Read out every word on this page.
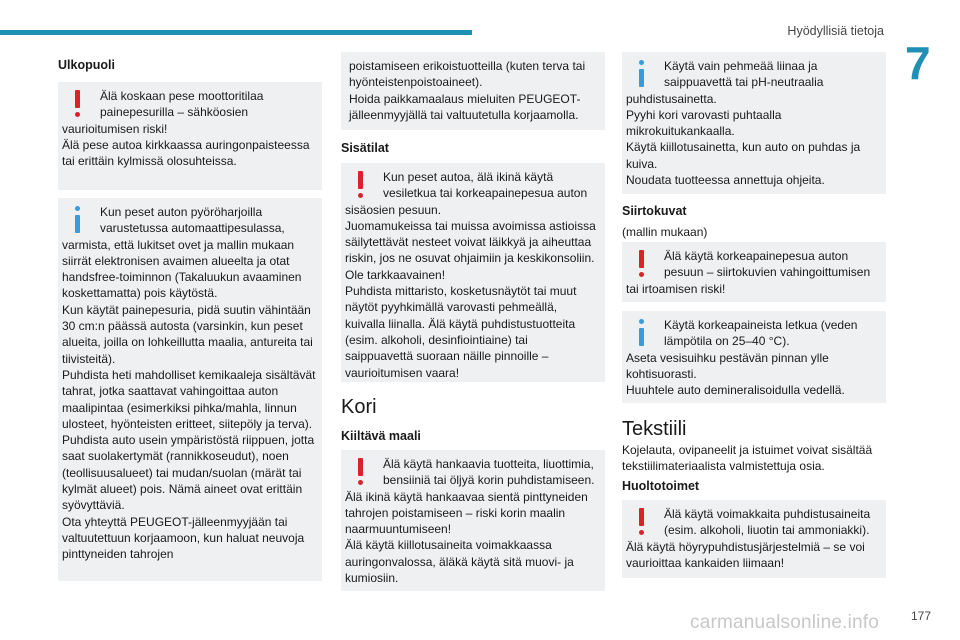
Hyödyllisiä tietoja
7
Ulkopuoli
Älä koskaan pese moottoritilaa painepesurilla – sähköosien vaurioitumisen riski!
Älä pese autoa kirkkaassa auringonpaisteessa tai erittäin kylmissä olosuhteissa.
Kun peset auton pyöröharjoilla varustetussa automaattipesulassa, varmista, että lukitset ovet ja mallin mukaan siirrät elektronisen avaimen alueelta ja otat handsfree-toiminnon (Takaluukun avaaminen koskettamatta) pois käytöstä.
Kun käytät painepesuria, pidä suutin vähintään 30 cm:n päässä autosta (varsinkin, kun peset alueita, joilla on lohkeillutta maalia, antureita tai tiivisteitä).
Puhdista heti mahdolliset kemikaaleja sisältävät tahrat, jotka saattavat vahingoittaa auton maalipintaa (esimerkiksi pihka/mahla, linnun ulosteet, hyönteisten eritteet, siitepöly ja terva).
Puhdista auto usein ympäristöstä riippuen, jotta saat suolakertymät (rannikkoseudut), noen (teollisuusalueet) tai mudan/suolan (märät tai kylmät alueet) pois. Nämä aineet ovat erittäin syövyttäviä.
Ota yhteyttä PEUGEOT-jälleenmyyjään tai valtuutettuun korjaamoon, kun haluat neuvoja pinttyneiden tahrojen
poistamiseen erikoistuotteilla (kuten terva tai hyönteistenpoistoaineet).
Hoida paikkamaalaus mieluiten PEUGEOT-jälleenmyyjällä tai valtuutetulla korjaamolla.
Sisätilat
Kun peset autoa, älä ikinä käytä vesiletkua tai korkeapainepesua auton sisäosien pesuun.
Juomamukeissa tai muissa avoimissa astioissa säilytettävät nesteet voivat läikkyä ja aiheuttaa riskin, jos ne osuvat ohjaimiin ja keskikonsoliin. Ole tarkkaavainen!
Puhdista mittaristo, kosketusnäytöt tai muut näytöt pyyhkimällä varovasti pehmeällä, kuivalla liinalla. Älä käytä puhdistustuotteita (esim. alkoholi, desinfiointiaine) tai saippuavettä suoraan näille pinnoille – vaurioitumisen vaara!
Kori
Kiiltävä maali
Älä käytä hankaavia tuotteita, liuottimia, bensiiniä tai öljyä korin puhdistamiseen.
Älä ikinä käytä hankaavaa sientä pinttyneiden tahrojen poistamiseen – riski korin maalin naarmuuntumiseen!
Älä käytä kiillotusaineita voimakkaassa auringonvalossa, äläkä käytä sitä muovi- ja kumiosiin.
Käytä vain pehmeää liinaa ja saippuavettä tai pH-neutraalia puhdistusainetta.
Pyyhi kori varovasti puhtaalla mikrokuitukankaalla.
Käytä kiillotusainetta, kun auto on puhdas ja kuiva.
Noudata tuotteessa annettuja ohjeita.
Siirtokuvat
(mallin mukaan)
Älä käytä korkeapainepesua auton pesuun – siirtokuvien vahingoittumisen tai irtoamisen riski!
Käytä korkeapaineista letkua (veden lämpötila on 25–40 °C).
Aseta vesisuihku pestävän pinnan ylle kohtisuorasti.
Huuhtele auto demineralisoidulla vedellä.
Tekstiili
Kojelauta, ovipaneelit ja istuimet voivat sisältää tekstiilimateriaalista valmistettuja osia.
Huoltotoimet
Älä käytä voimakkaita puhdistusaineita (esim. alkoholi, liuotin tai ammoniakki).
Älä käytä höyrypuhdistusjärjestelmiä – se voi vaurioittaa kankaiden liimaan!
carmanualsonline.info	177
